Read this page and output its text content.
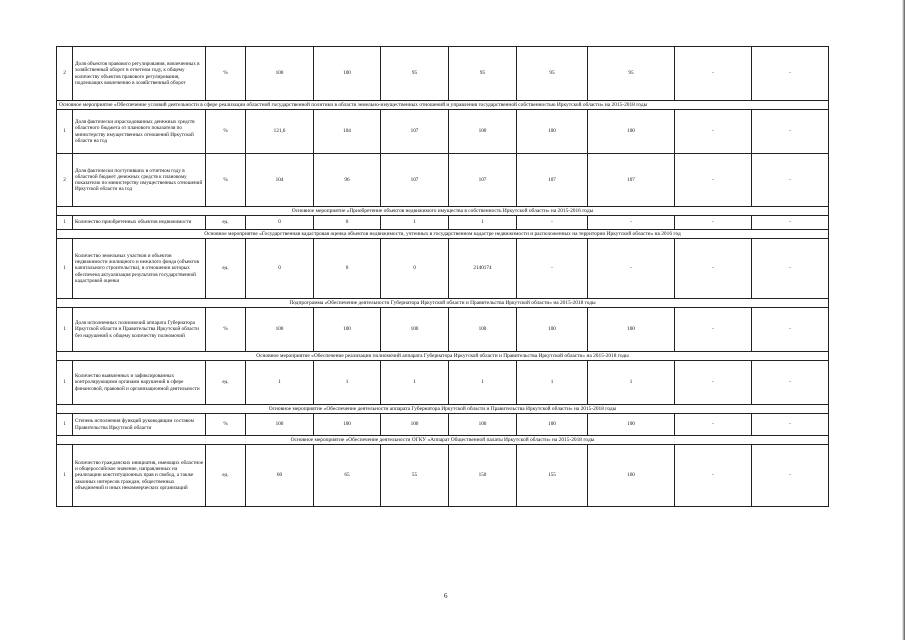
2	Доля объектов правового регулирования, вовлеченных в хозяйственный оборот в отчетном году, к общему количеству объектов правового регулирования, подлежащих вовлечению в хозяйственный оборот	%	100	100	95	95	95	95	-	-
Основное мероприятие «Обеспечение условий деятельности в сфере реализации областной государственной политики в области земельно-имущественных отношений и управления государственной собственностью Иркутской области» на 2015-2018 годы										
1	Доля фактически израсходованных денежных средств областного бюджета от планового показателя по министерству имущественных отношений Иркутской области на год	%	121,6	104	107	100	100	100	-	-
2	Доля фактически поступивших в отчетном году в областной бюджет денежных средств к плановому показателю по министерству имущественных отношений Иркутской области на год	%	104	96	107	107	107	107	-	-
Основное мероприятие «Приобретение объектов недвижимого имущества в собственность Иркутской области» на 2015-2016 годы										
1	Количество приобретенных объектов недвижимости	ед.	0	0	1	1	-	-	-	-
Основное мероприятие «Государственная кадастровая оценка объектов недвижимости, учтенных в государственном кадастре недвижимости и расположенных на территории Иркутской области» на 2016 год										
1	Количество земельных участков и объектов недвижимости жилищного и нежилого фонда (объектов капитального строительства), в отношении которых обеспечена актуализация результатов государственной кадастровой оценки	ед.	0	0	0	2140174	-	-	-	-
Подпрограмма «Обеспечение деятельности Губернатора Иркутской области и Правительства Иркутской области» на 2015-2018 годы										
1	Доля исполненных полномочий аппарата Губернатора Иркутской области и Правительства Иркутской области без нарушений к общему количеству полномочий	%	100	100	100	100	100	100	-	-
Основное мероприятие «Обеспечение реализации полномочий аппарата Губернатора Иркутской области и Правительства Иркутской области» на 2015-2018 годы										
1	Количество выявленных и зафиксированных контролирующими органами нарушений в сфере финансовой, правовой и организационной деятельности	ед.	1	1	1	1	1	1	-	-
Основное мероприятие «Обеспечение деятельности аппарата Губернатора Иркутской области и Правительства Иркутской области» на 2015-2018 годы										
1	Степень исполнения функций руководящим составом Правительства Иркутской области	%	100	100	100	100	100	100	-	-
Основное мероприятие «Обеспечение деятельности ОГКУ «Аппарат Общественной палаты Иркутской области» на 2015-2018 годы										
1	Количество гражданских инициатив, имеющих областное и общероссийское значение, направленных на реализацию конституционных прав и свобод, а также законных интересов граждан, общественных объединений и иных некоммерческих организаций	ед.	60	65	55	150	155	160	-	-
6
